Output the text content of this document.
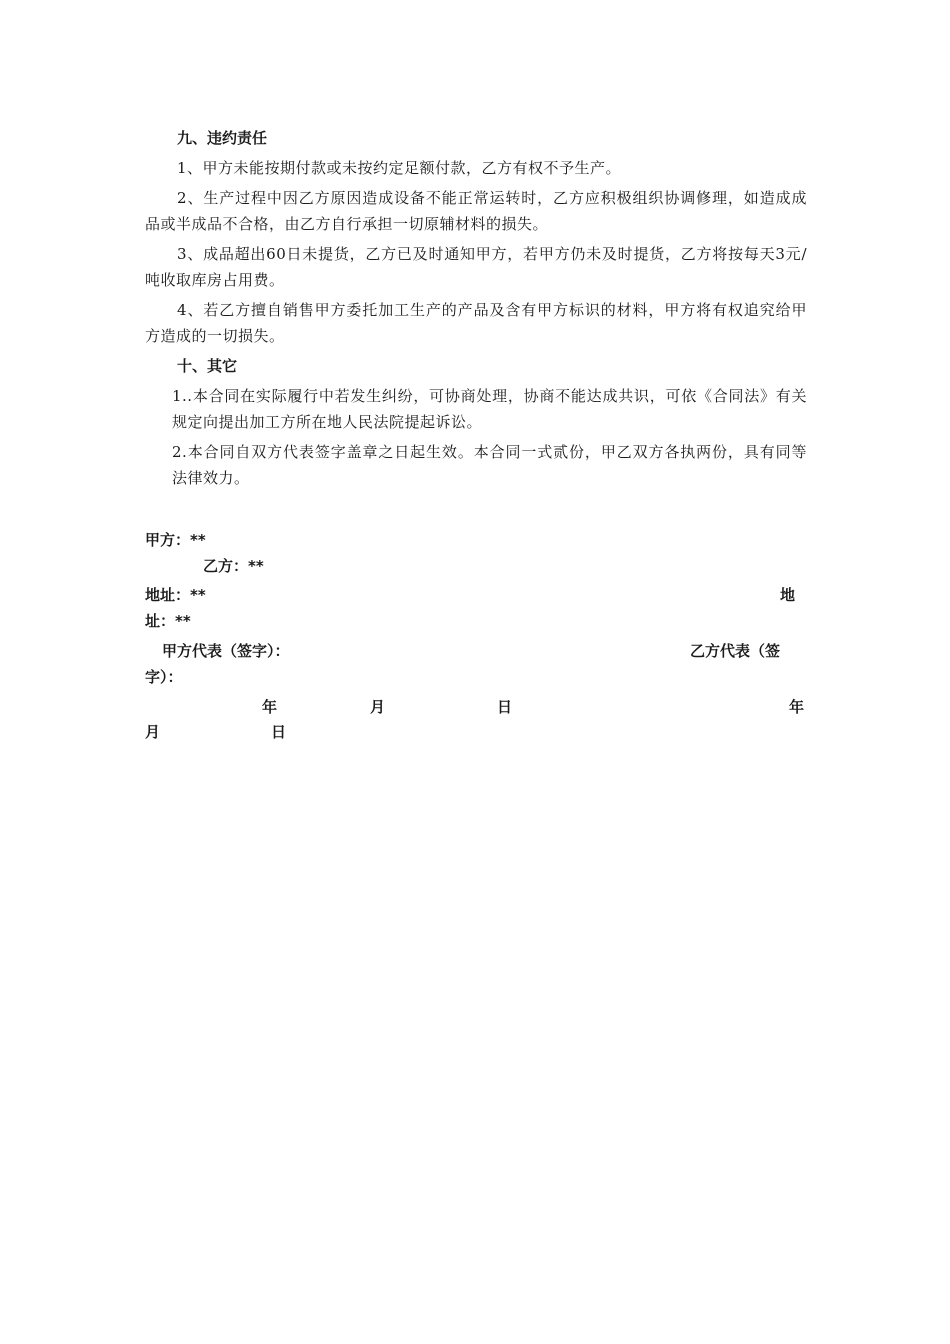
九、违约责任
1、甲方未能按期付款或未按约定足额付款，乙方有权不予生产。
2、生产过程中因乙方原因造成设备不能正常运转时，乙方应积极组织协调修理，如造成成品或半成品不合格，由乙方自行承担一切原辅材料的损失。
3、成品超出60日未提货，乙方已及时通知甲方，若甲方仍未及时提货，乙方将按每天3元/吨收取库房占用费。
4、若乙方擅自销售甲方委托加工生产的产品及含有甲方标识的材料，甲方将有权追究给甲方造成的一切损失。
十、其它
1..本合同在实际履行中若发生纠纷，可协商处理，协商不能达成共识，可依《合同法》有关规定向提出加工方所在地人民法院提起诉讼。
2.本合同自双方代表签字盖章之日起生效。本合同一式贰份，甲乙双方各执两份，具有同等法律效力。
甲方：**
乙方：**
地址：**	地
址：**
甲方代表（签字）：	乙方代表（签
字）：
年	月	日	年
月	日
